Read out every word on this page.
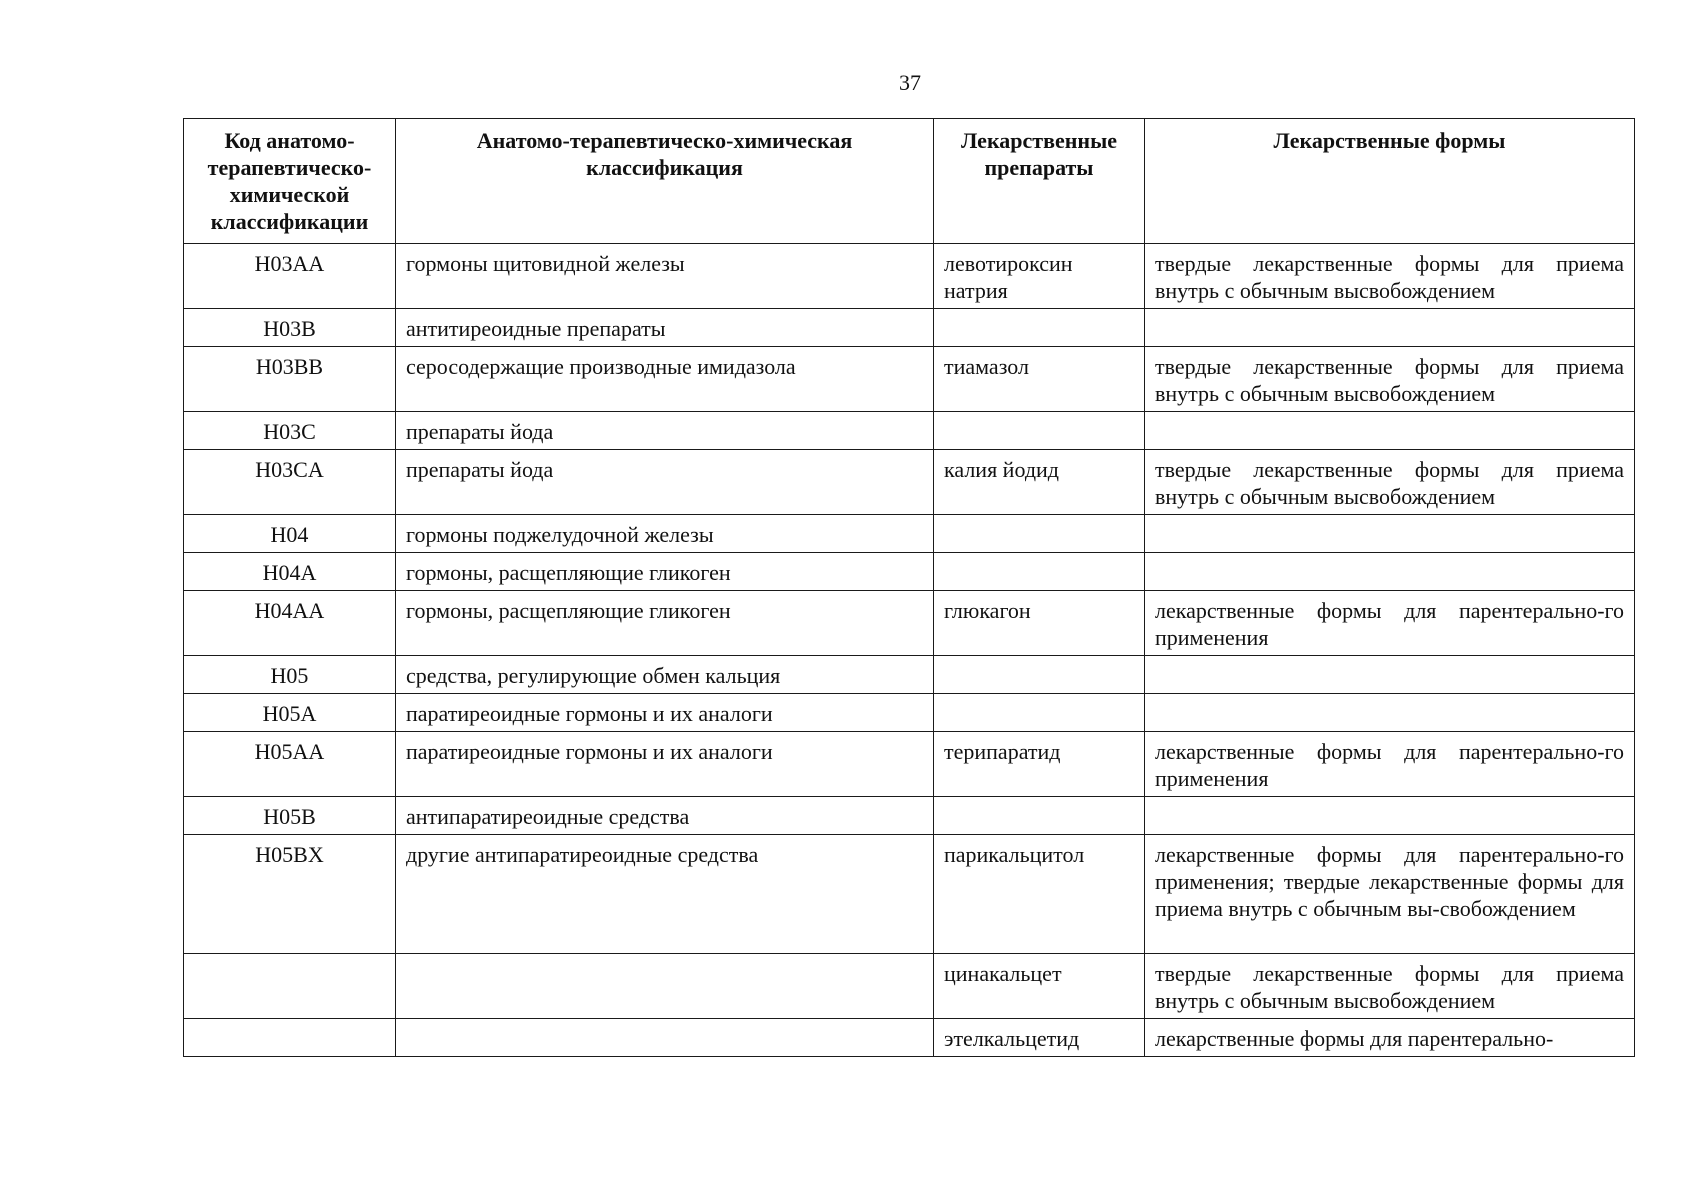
37
Код анатомо-терапевтическо-химической классификации	Анатомо-терапевтическо-химическая классификация	Лекарственные препараты	Лекарственные формы
H03AA	гормоны щитовидной железы	левотироксин натрия	твердые лекарственные формы для приема внутрь с обычным высвобождением
H03B	антитиреоидные препараты		
H03BB	серосодержащие производные имидазола	тиамазол	твердые лекарственные формы для приема внутрь с обычным высвобождением
H03C	препараты йода		
H03CA	препараты йода	калия йодид	твердые лекарственные формы для приема внутрь с обычным высвобождением
H04	гормоны поджелудочной железы		
H04A	гормоны, расщепляющие гликоген		
H04AA	гормоны, расщепляющие гликоген	глюкагон	лекарственные формы для парентерально-го применения
H05	средства, регулирующие обмен кальция		
H05A	паратиреоидные гормоны и их аналоги		
H05AA	паратиреоидные гормоны и их аналоги	терипаратид	лекарственные формы для парентерально-го применения
H05B	антипаратиреоидные средства		
H05BX	другие антипаратиреоидные средства	парикальцитол	лекарственные формы для парентерально-го применения; твердые лекарственные формы для приема внутрь с обычным вы-свобождением
		цинакальцет	твердые лекарственные формы для приема внутрь с обычным высвобождением
		этелкальцетид	лекарственные формы для парентерально-
